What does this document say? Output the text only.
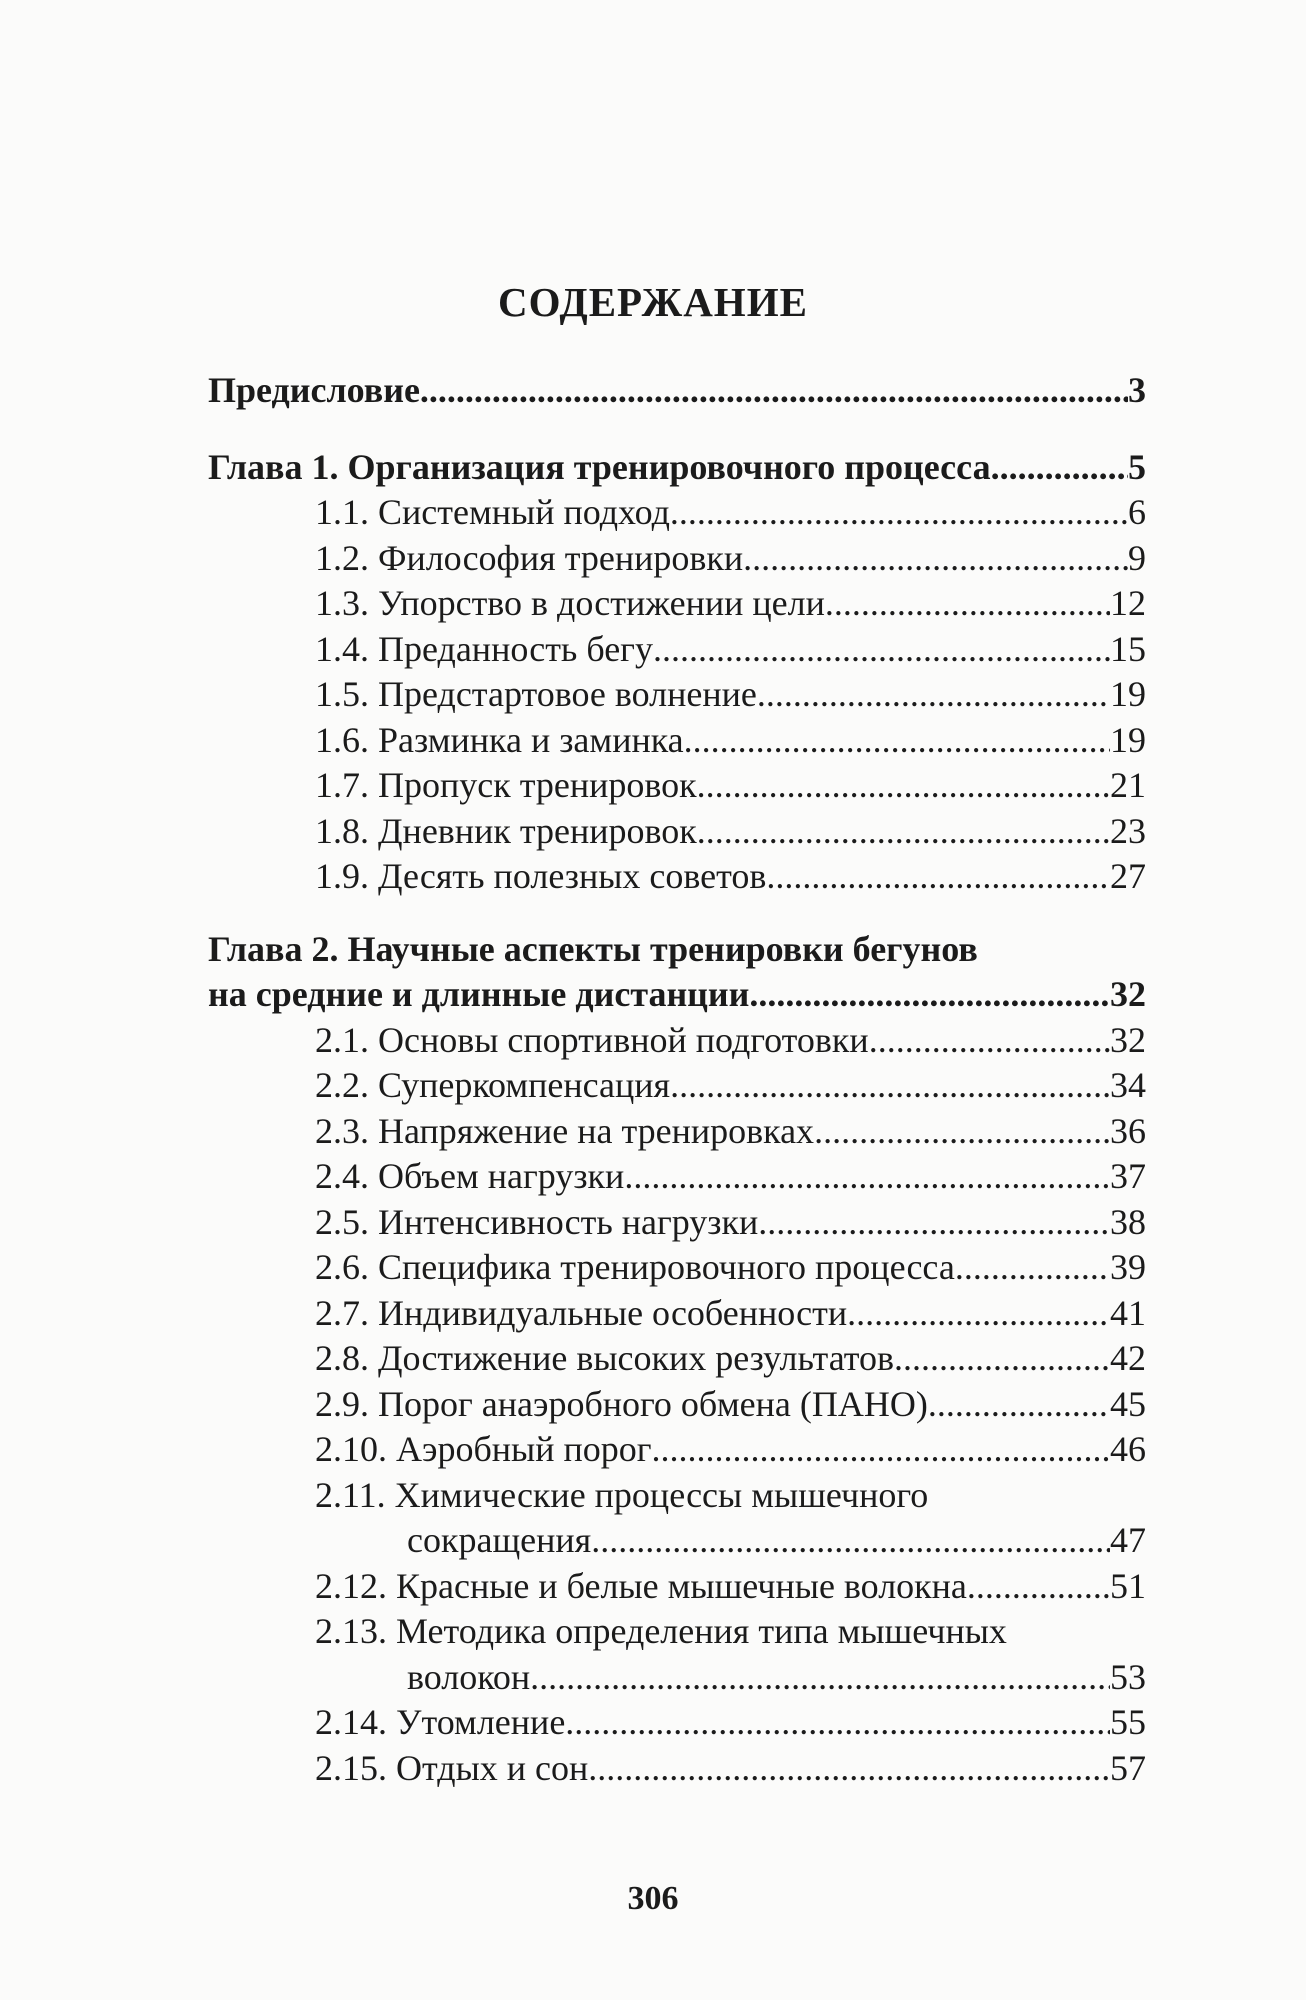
СОДЕРЖАНИЕ
Предисловие .....	3
Глава 1. Организация тренировочного процесса .....	5
1.1. Системный подход .....	6
1.2. Философия тренировки .....	9
1.3. Упорство в достижении цели .....	12
1.4. Преданность бегу .....	15
1.5. Предстартовое волнение .....	19
1.6. Разминка и заминка .....	19
1.7. Пропуск тренировок .....	21
1.8. Дневник тренировок .....	23
1.9. Десять полезных советов .....	27
Глава 2. Научные аспекты тренировки бегунов
на средние и длинные дистанции .....	32
2.1. Основы спортивной подготовки .....	32
2.2. Суперкомпенсация .....	34
2.3. Напряжение на тренировках .....	36
2.4. Объем нагрузки .....	37
2.5. Интенсивность нагрузки .....	38
2.6. Специфика тренировочного процесса .....	39
2.7. Индивидуальные особенности .....	41
2.8. Достижение высоких результатов .....	42
2.9. Порог анаэробного обмена (ПАНО) .....	45
2.10. Аэробный порог .....	46
2.11. Химические процессы мышечного
сокращения .....	47
2.12. Красные и белые мышечные волокна .....	51
2.13. Методика определения типа мышечных
волокон .....	53
2.14. Утомление .....	55
2.15. Отдых и сон .....	57
306
